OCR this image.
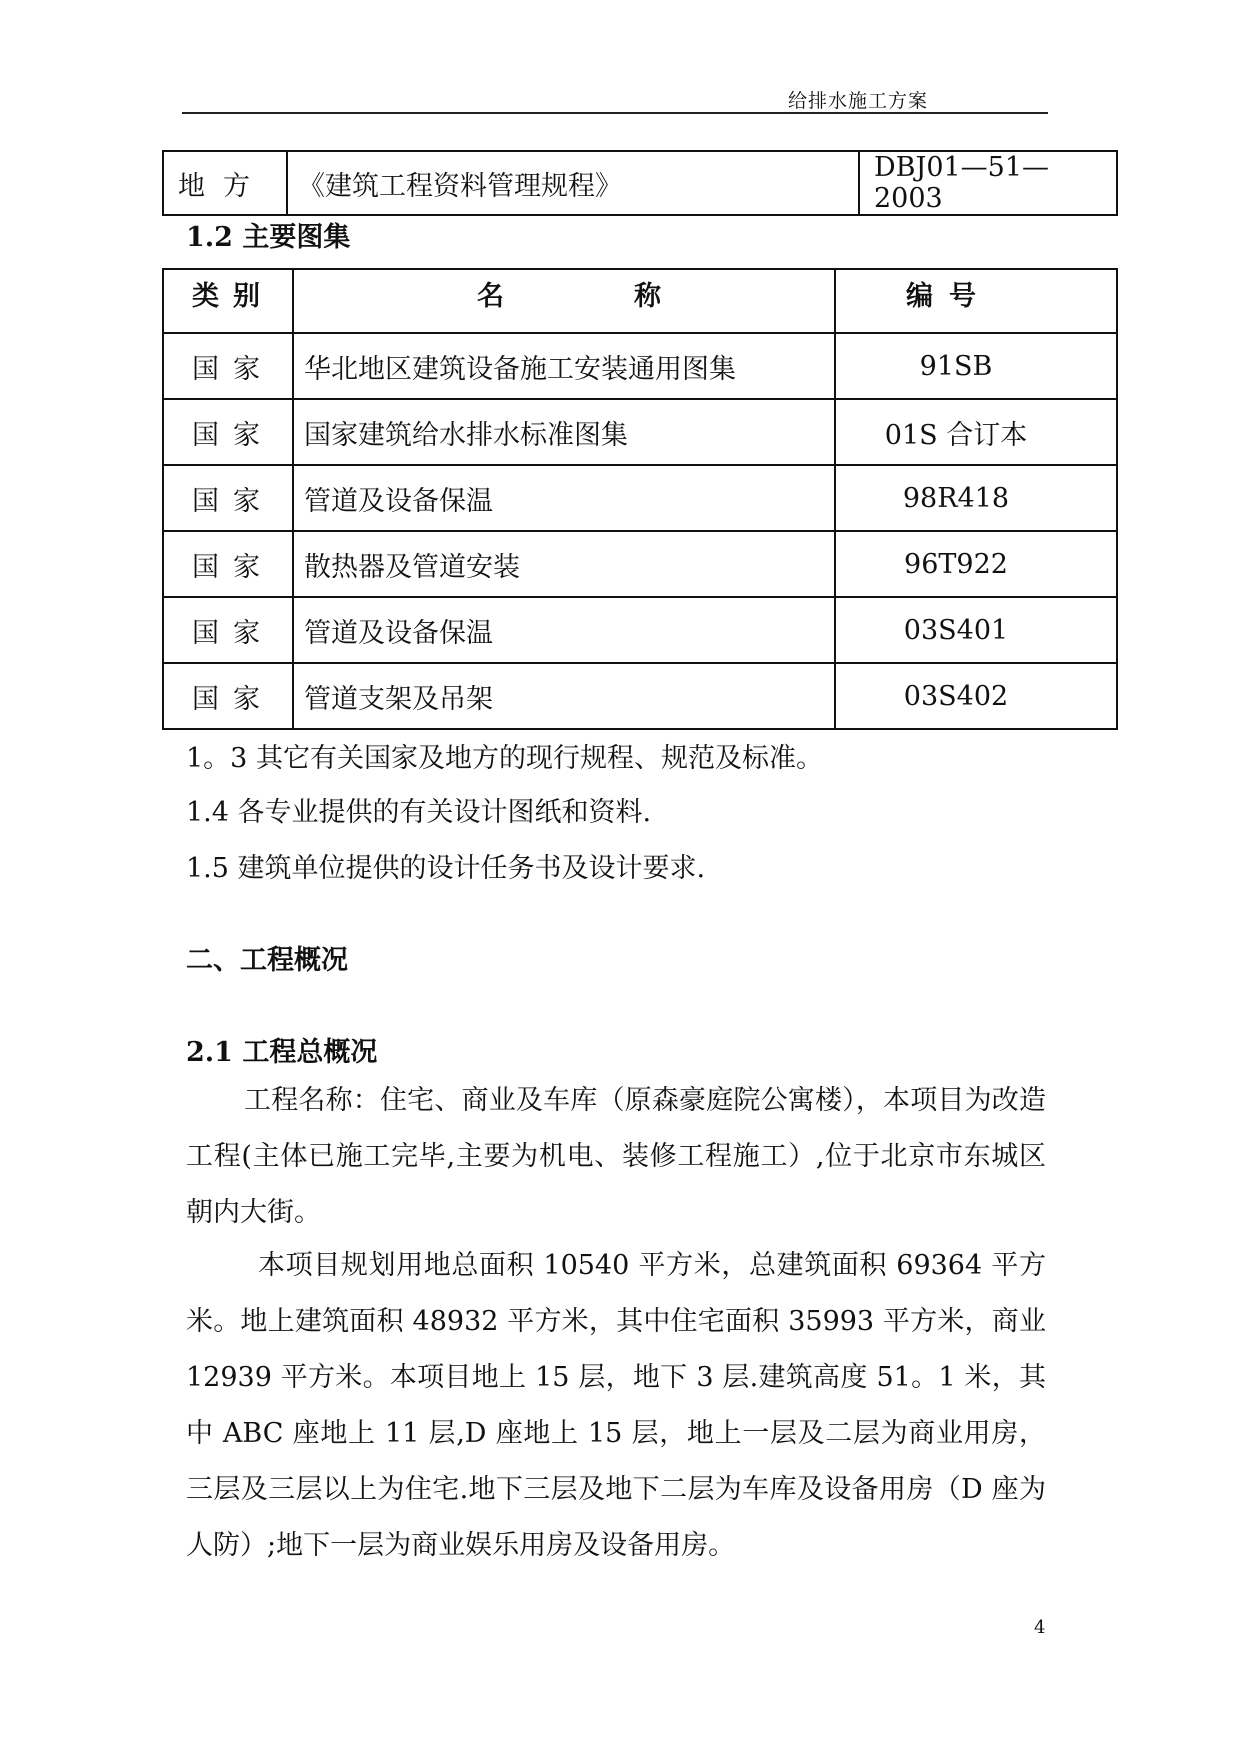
给排水施工方案
地方	《建筑工程资料管理规程》	DBJ01—51—2003
1.2 主要图集
类别	名 称	编号
国家	华北地区建筑设备施工安装通用图集	91SB
国家	国家建筑给水排水标准图集	01S 合订本
国家	管道及设备保温	98R418
国家	散热器及管道安装	96T922
国家	管道及设备保温	03S401
国家	管道支架及吊架	03S402
1。3 其它有关国家及地方的现行规程、规范及标准。
1.4 各专业提供的有关设计图纸和资料.
1.5 建筑单位提供的设计任务书及设计要求.
二、工程概况
2.1 工程总概况

工程名称：住宅、商业及车库（原森豪庭院公寓楼），本项目为改造工程(主体已施工完毕,主要为机电、装修工程施工）,位于北京市东城区朝内大街。

本项目规划用地总面积 10540 平方米，总建筑面积 69364 平方米。地上建筑面积 48932 平方米，其中住宅面积 35993 平方米，商业 12939 平方米。本项目地上 15 层，地下 3 层.建筑高度 51。1 米，其中 ABC 座地上 11 层,D 座地上 15 层，地上一层及二层为商业用房，三层及三层以上为住宅.地下三层及地下二层为车库及设备用房（D 座为人防）;地下一层为商业娱乐用房及设备用房。

4
